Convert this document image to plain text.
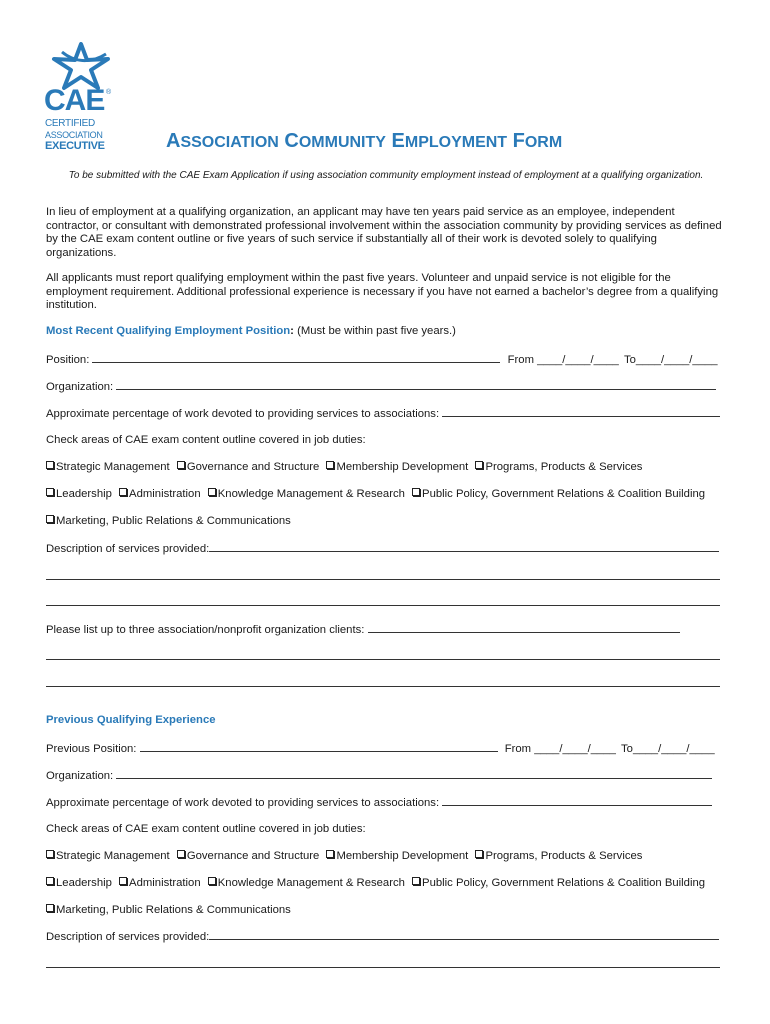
CAE ®
CERTIFIED
ASSOCIATION
EXECUTIVE	ASSOCIATION COMMUNITY EMPLOYMENT FORM
To be submitted with the CAE Exam Application if using association community employment instead of employment at a qualifying organization.
In lieu of employment at a qualifying organization, an applicant may have ten years paid service as an employee, independent contractor, or consultant with demonstrated professional involvement within the association community by providing services as defined by the CAE exam content outline or five years of such service if substantially all of their work is devoted solely to qualifying organizations.
All applicants must report qualifying employment within the past five years. Volunteer and unpaid service is not eligible for the employment requirement. Additional professional experience is necessary if you have not earned a bachelor’s degree from a qualifying institution.
Most Recent Qualifying Employment Position: (Must be within past five years.)
Position:	From ____/____/____ To____/____/____
Organization:
Approximate percentage of work devoted to providing services to associations:
Check areas of CAE exam content outline covered in job duties:
Strategic Management Governance and Structure Membership Development Programs, Products & Services
Leadership Administration Knowledge Management & Research Public Policy, Government Relations & Coalition Building
Marketing, Public Relations & Communications
Description of services provided:
Please list up to three association/nonprofit organization clients:
Previous Qualifying Experience
Previous Position:	From ____/____/____ To____/____/____
Organization:
Approximate percentage of work devoted to providing services to associations:
Check areas of CAE exam content outline covered in job duties:
Strategic Management Governance and Structure Membership Development Programs, Products & Services
Leadership Administration Knowledge Management & Research Public Policy, Government Relations & Coalition Building
Marketing, Public Relations & Communications
Description of services provided:
